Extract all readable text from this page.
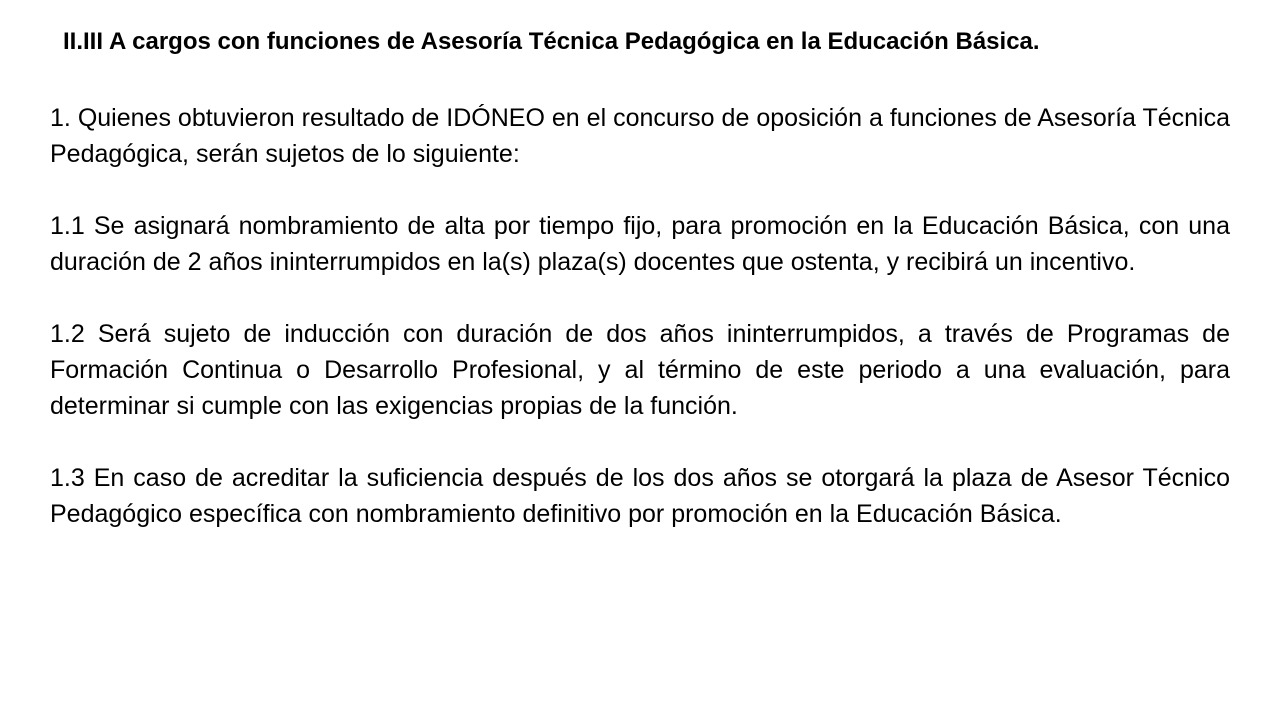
II.III A cargos con funciones de Asesoría Técnica Pedagógica en la Educación Básica.

1. Quienes obtuvieron resultado de IDÓNEO en el concurso de oposición a funciones de Asesoría Técnica Pedagógica, serán sujetos de lo siguiente:

1.1 Se asignará nombramiento de alta por tiempo fijo, para promoción en la Educación Básica, con una duración de 2 años ininterrumpidos en la(s) plaza(s) docentes que ostenta, y recibirá un incentivo.

1.2 Será sujeto de inducción con duración de dos años ininterrumpidos, a través de Programas de Formación Continua o Desarrollo Profesional, y al término de este periodo a una evaluación, para determinar si cumple con las exigencias propias de la función.

1.3 En caso de acreditar la suficiencia después de los dos años se otorgará la plaza de Asesor Técnico Pedagógico específica con nombramiento definitivo por promoción en la Educación Básica.
